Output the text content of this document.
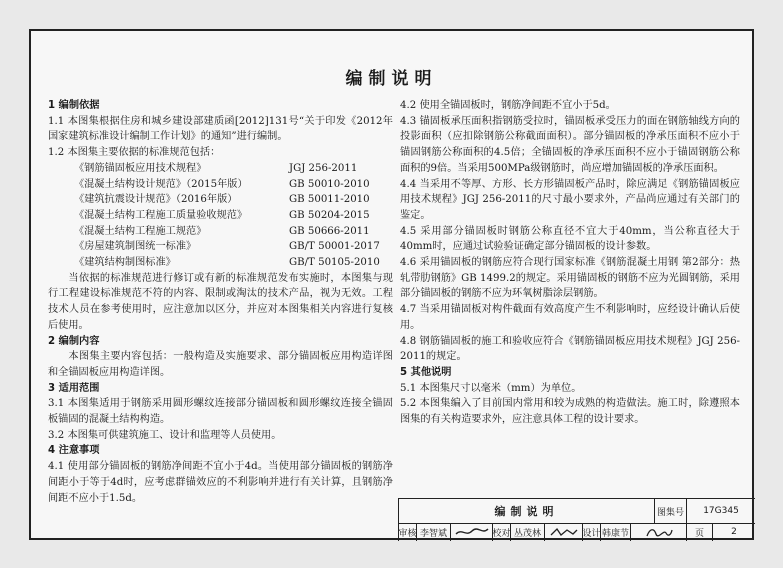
编制说明
1 编制依据
1.1 本图集根据住房和城乡建设部建质函[2012]131号“关于印发《2012年国家建筑标准设计编制工作计划》的通知”进行编制。
1.2 本图集主要依据的标准规范包括：
《钢筋锚固板应用技术规程》	JGJ 256-2011
《混凝土结构设计规范》（2015年版）	GB 50010-2010
《建筑抗震设计规范》（2016年版）	GB 50011-2010
《混凝土结构工程施工质量验收规范》	GB 50204-2015
《混凝土结构工程施工规范》	GB 50666-2011
《房屋建筑制图统一标准》	GB/T 50001-2017
《建筑结构制图标准》	GB/T 50105-2010
当依据的标准规范进行修订或有新的标准规范发布实施时，本图集与现行工程建设标准规范不符的内容、限制或淘汰的技术产品，视为无效。工程技术人员在参考使用时，应注意加以区分，并应对本图集相关内容进行复核后使用。
2 编制内容
本图集主要内容包括：一般构造及实施要求、部分锚固板应用构造详图和全锚固板应用构造详图。
3 适用范围
3.1 本图集适用于钢筋采用圆形螺纹连接部分锚固板和圆形螺纹连接全锚固板锚固的混凝土结构构造。
3.2 本图集可供建筑施工、设计和监理等人员使用。
4 注意事项
4.1 使用部分锚固板的钢筋净间距不宜小于4d。当使用部分锚固板的钢筋净间距小于等于4d时，应考虑群锚效应的不利影响并进行有关计算，且钢筋净间距不应小于1.5d。
4.2 使用全锚固板时，钢筋净间距不宜小于5d。
4.3 锚固板承压面积指钢筋受拉时，锚固板承受压力的面在钢筋轴线方向的投影面积（应扣除钢筋公称截面面积）。部分锚固板的净承压面积不应小于锚固钢筋公称面积的4.5倍；全锚固板的净承压面积不应小于锚固钢筋公称面积的9倍。当采用500MPa级钢筋时，尚应增加锚固板的净承压面积。
4.4 当采用不等厚、方形、长方形锚固板产品时，除应满足《钢筋锚固板应用技术规程》JGJ 256-2011的尺寸最小要求外，产品尚应通过有关部门的鉴定。
4.5 采用部分锚固板时钢筋公称直径不宜大于40mm，当公称直径大于40mm时，应通过试验验证确定部分锚固板的设计参数。
4.6 采用锚固板的钢筋应符合现行国家标准《钢筋混凝土用钢 第2部分：热轧带肋钢筋》GB 1499.2的规定。采用锚固板的钢筋不应为光圆钢筋，采用部分锚固板的钢筋不应为环氧树脂涂层钢筋。
4.7 当采用锚固板对构件截面有效高度产生不利影响时，应经设计确认后使用。
4.8 钢筋锚固板的施工和验收应符合《钢筋锚固板应用技术规程》JGJ 256-2011的规定。
5 其他说明
5.1 本图集尺寸以毫米（mm）为单位。
5.2 本图集编入了目前国内常用和较为成熟的构造做法。施工时，除遵照本图集的有关构造要求外，应注意具体工程的设计要求。
编制说明	图集号	17G345
审核 李智斌	校对 丛茂林	设计 韩康节	页	2
